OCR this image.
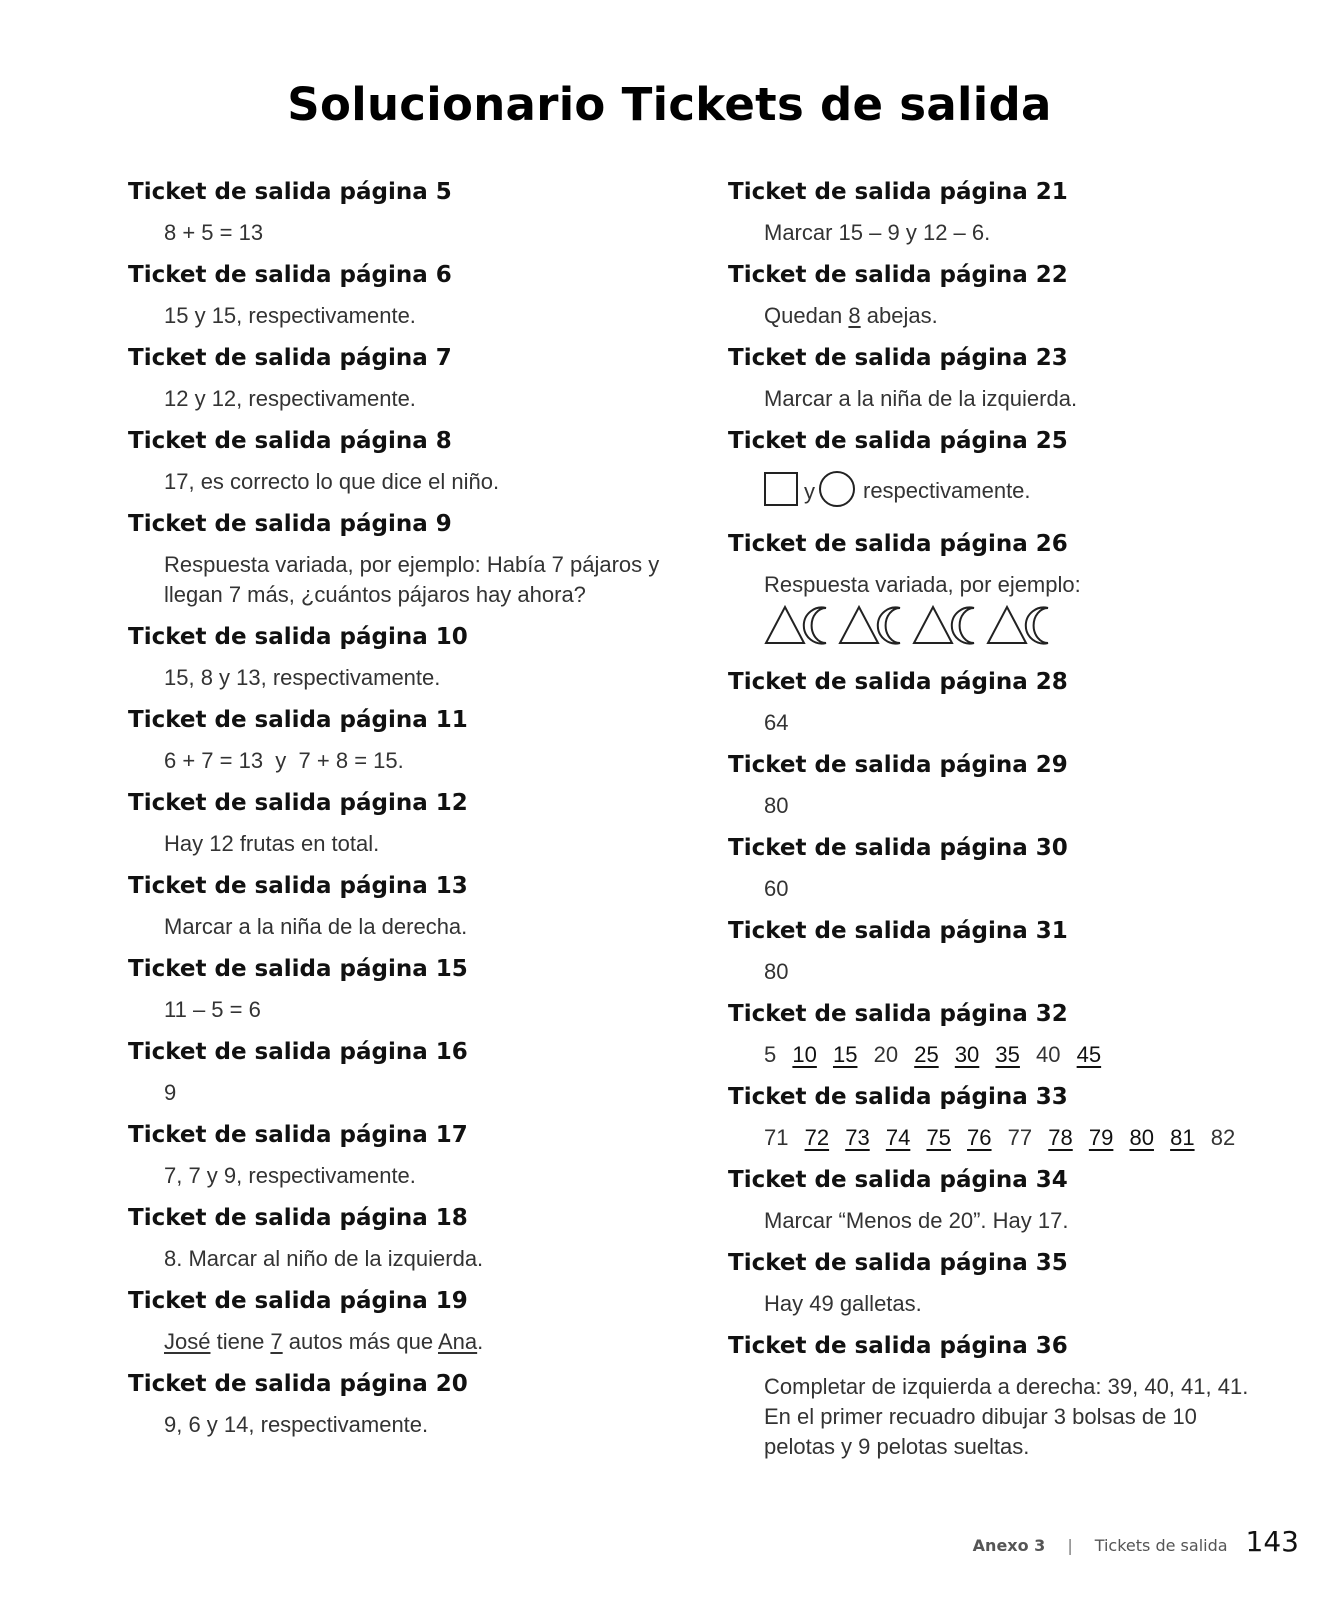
Solucionario Tickets de salida
Ticket de salida página 5
8 + 5 = 13
Ticket de salida página 6
15 y 15, respectivamente.
Ticket de salida página 7
12 y 12, respectivamente.
Ticket de salida página 8
17, es correcto lo que dice el niño.
Ticket de salida página 9
Respuesta variada, por ejemplo: Había 7 pájaros y llegan 7 más, ¿cuántos pájaros hay ahora?
Ticket de salida página 10
15, 8 y 13, respectivamente.
Ticket de salida página 11
6 + 7 = 13  y  7 + 8 = 15.
Ticket de salida página 12
Hay 12 frutas en total.
Ticket de salida página 13
Marcar a la niña de la derecha.
Ticket de salida página 15
11 – 5 = 6
Ticket de salida página 16
9
Ticket de salida página 17
7, 7 y 9, respectivamente.
Ticket de salida página 18
8. Marcar al niño de la izquierda.
Ticket de salida página 19
José tiene 7 autos más que Ana.
Ticket de salida página 20
9, 6 y 14, respectivamente.
Ticket de salida página 21
Marcar 15 – 9 y 12 – 6.
Ticket de salida página 22
Quedan 8 abejas.
Ticket de salida página 23
Marcar a la niña de la izquierda.
Ticket de salida página 25
y respectivamente.
Ticket de salida página 26
Respuesta variada, por ejemplo:
Ticket de salida página 28
64
Ticket de salida página 29
80
Ticket de salida página 30
60
Ticket de salida página 31
80
Ticket de salida página 32
5 10 15 20 25 30 35 40 45
Ticket de salida página 33
71 72 73 74 75 76 77 78 79 80 81 82
Ticket de salida página 34
Marcar “Menos de 20”. Hay 17.
Ticket de salida página 35
Hay 49 galletas.
Ticket de salida página 36
Completar de izquierda a derecha: 39, 40, 41, 41. En el primer recuadro dibujar 3 bolsas de 10 pelotas y 9 pelotas sueltas.
Anexo 3 | Tickets de salida 143
